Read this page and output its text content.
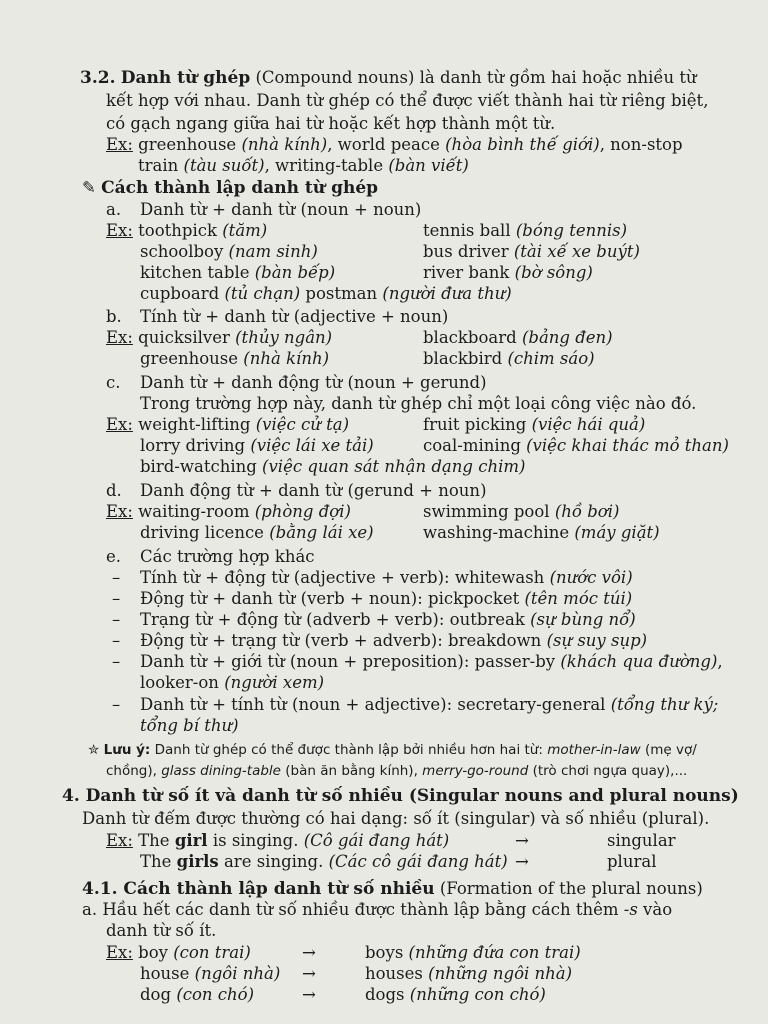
3.2. Danh từ ghép (Compound nouns) là danh từ gồm hai hoặc nhiều từ
kết hợp với nhau. Danh từ ghép có thể được viết thành hai từ riêng biệt,
có gạch ngang giữa hai từ hoặc kết hợp thành một từ.
Ex: greenhouse (nhà kính), world peace (hòa bình thế giới), non-stop
train (tàu suốt), writing-table (bàn viết)
✎ Cách thành lập danh từ ghép
a. Danh từ + danh từ (noun + noun)
Ex: toothpick (tăm)	tennis ball (bóng tennis)
schoolboy (nam sinh)	bus driver (tài xế xe buýt)
kitchen table (bàn bếp)	river bank (bờ sông)
cupboard (tủ chạn) postman (người đưa thư)
b. Tính từ + danh từ (adjective + noun)
Ex: quicksilver (thủy ngân)	blackboard (bảng đen)
greenhouse (nhà kính)	blackbird (chim sáo)
c. Danh từ + danh động từ (noun + gerund)
Trong trường hợp này, danh từ ghép chỉ một loại công việc nào đó.
Ex: weight-lifting (việc cử tạ)	fruit picking (việc hái quả)
lorry driving (việc lái xe tải)	coal-mining (việc khai thác mỏ than)
bird-watching (việc quan sát nhận dạng chim)
d. Danh động từ + danh từ (gerund + noun)
Ex: waiting-room (phòng đợi)	swimming pool (hồ bơi)
driving licence (bằng lái xe)	washing-machine (máy giặt)
e. Các trường hợp khác
– Tính từ + động từ (adjective + verb): whitewash (nước vôi)
– Động từ + danh từ (verb + noun): pickpocket (tên móc túi)
– Trạng từ + động từ (adverb + verb): outbreak (sự bùng nổ)
– Động từ + trạng từ (verb + adverb): breakdown (sự suy sụp)
– Danh từ + giới từ (noun + preposition): passer-by (khách qua đường),
looker-on (người xem)
– Danh từ + tính từ (noun + adjective): secretary-general (tổng thư ký;
tổng bí thư)
✮ Lưu ý: Danh từ ghép có thể được thành lập bởi nhiều hơn hai từ: mother-in-law (mẹ vợ/
chồng), glass dining-table (bàn ăn bằng kính), merry-go-round (trò chơi ngựa quay),...
4. Danh từ số ít và danh từ số nhiều (Singular nouns and plural nouns)
Danh từ đếm được thường có hai dạng: số ít (singular) và số nhiều (plural).
Ex: The girl is singing. (Cô gái đang hát)	→	singular
The girls are singing. (Các cô gái đang hát) →	plural
4.1. Cách thành lập danh từ số nhiều (Formation of the plural nouns)
a. Hầu hết các danh từ số nhiều được thành lập bằng cách thêm -s vào
danh từ số ít.
Ex: boy (con trai)	→	boys (những đứa con trai)
house (ngôi nhà) →	houses (những ngôi nhà)
dog (con chó)	→	dogs (những con chó)
